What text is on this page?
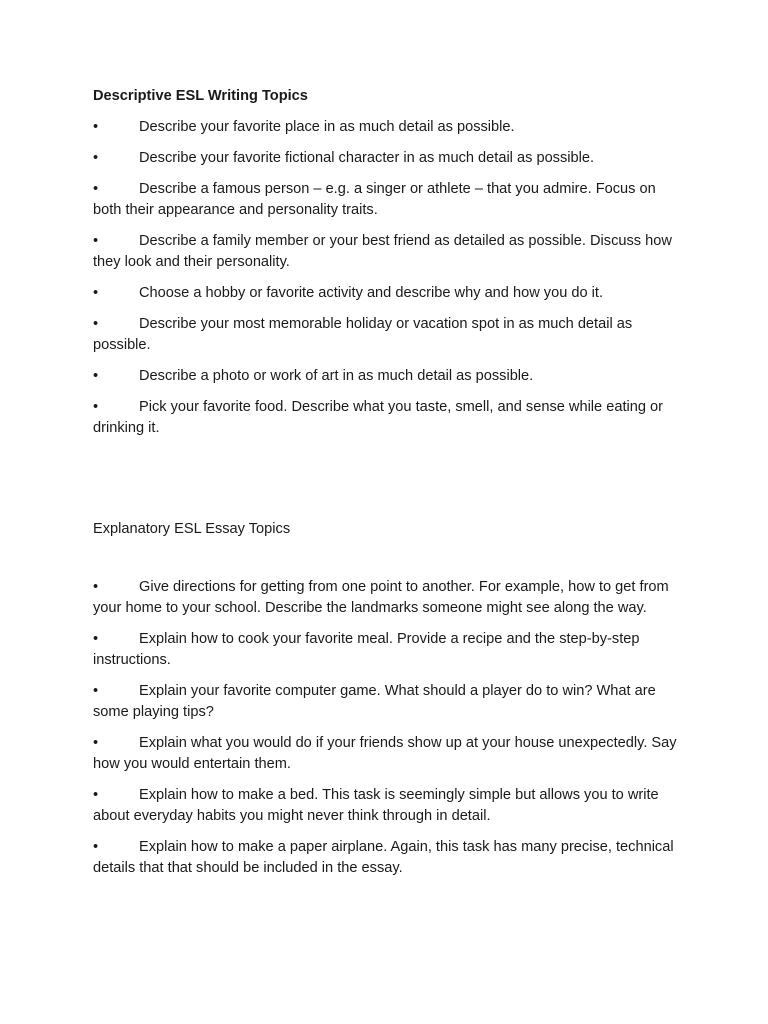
Descriptive ESL Writing Topics

•	Describe your favorite place in as much detail as possible.

•	Describe your favorite fictional character in as much detail as possible.

•	Describe a famous person – e.g. a singer or athlete – that you admire. Focus on both their appearance and personality traits.

•	Describe a family member or your best friend as detailed as possible. Discuss how they look and their personality.

•	Choose a hobby or favorite activity and describe why and how you do it.

•	Describe your most memorable holiday or vacation spot in as much detail as possible.

•	Describe a photo or work of art in as much detail as possible.

•	Pick your favorite food. Describe what you taste, smell, and sense while eating or drinking it.

Explanatory ESL Essay Topics

•	Give directions for getting from one point to another. For example, how to get from your home to your school. Describe the landmarks someone might see along the way.

•	Explain how to cook your favorite meal. Provide a recipe and the step-by-step instructions.

•	Explain your favorite computer game. What should a player do to win? What are some playing tips?

•	Explain what you would do if your friends show up at your house unexpectedly. Say how you would entertain them.

•	Explain how to make a bed. This task is seemingly simple but allows you to write about everyday habits you might never think through in detail.

•	Explain how to make a paper airplane. Again, this task has many precise, technical details that that should be included in the essay.
